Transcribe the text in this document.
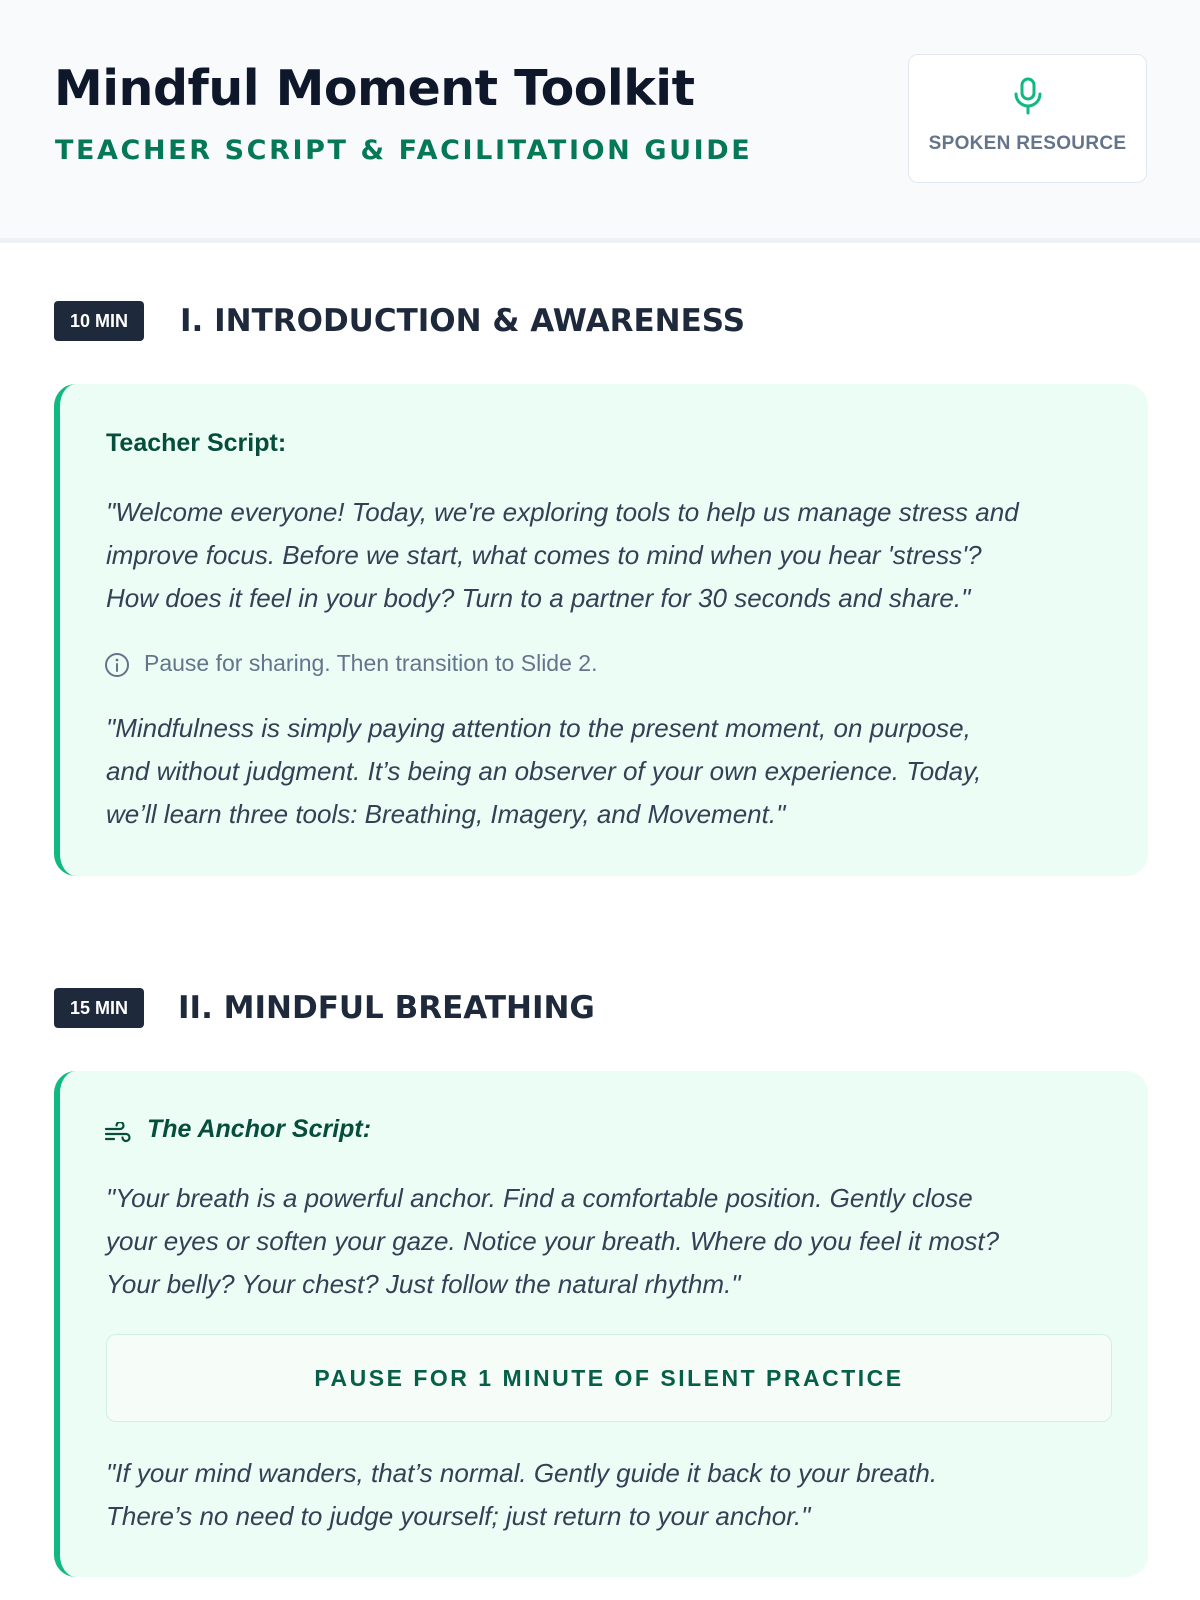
Mindful Moment Toolkit
TEACHER SCRIPT & FACILITATION GUIDE	SPOKEN RESOURCE
10 MIN	I. INTRODUCTION & AWARENESS
Teacher Script:
"Welcome everyone! Today, we're exploring tools to help us manage stress and
improve focus. Before we start, what comes to mind when you hear 'stress'?
How does it feel in your body? Turn to a partner for 30 seconds and share."
Pause for sharing. Then transition to Slide 2.
"Mindfulness is simply paying attention to the present moment, on purpose,
and without judgment. It’s being an observer of your own experience. Today,
we’ll learn three tools: Breathing, Imagery, and Movement."
15 MIN	II. MINDFUL BREATHING
The Anchor Script:
"Your breath is a powerful anchor. Find a comfortable position. Gently close
your eyes or soften your gaze. Notice your breath. Where do you feel it most?
Your belly? Your chest? Just follow the natural rhythm."
PAUSE FOR 1 MINUTE OF SILENT PRACTICE
"If your mind wanders, that’s normal. Gently guide it back to your breath.
There’s no need to judge yourself; just return to your anchor."
